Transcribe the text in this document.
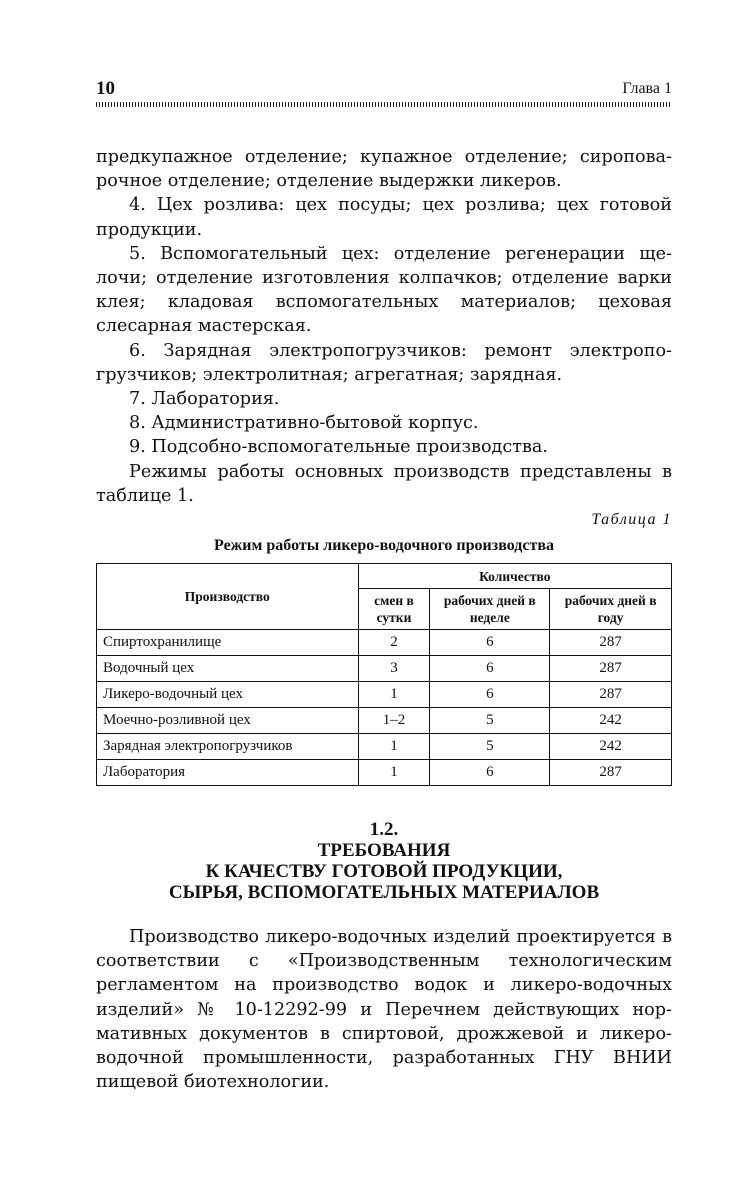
10	Глава 1

предкупажное отделение; купажное отделение; сироповарочное отделение; отделение выдержки ликеров.

4. Цех розлива: цех посуды; цех розлива; цех готовой продукции.

5. Вспомогательный цех: отделение регенерации щелочи; отделение изготовления колпачков; отделение варки клея; кладовая вспомогательных материалов; цеховая слесарная мастерская.

6. Зарядная электропогрузчиков: ремонт электропогрузчиков; электролитная; агрегатная; зарядная.

7. Лаборатория.

8. Административно-бытовой корпус.

9. Подсобно-вспомогательные производства.

Режимы работы основных производств представлены в таблице 1.

Таблица 1
Режим работы ликеро-водочного производства
Производство	Количество		
	смен в сутки	рабочих дней в неделе	рабочих дней в году
Спиртохранилище	2	6	287
Водочный цех	3	6	287
Ликеро-водочный цех	1	6	287
Моечно-розливной цех	1–2	5	242
Зарядная электропогрузчиков	1	5	242
Лаборатория	1	6	287
1.2.
ТРЕБОВАНИЯ
К КАЧЕСТВУ ГОТОВОЙ ПРОДУКЦИИ,
СЫРЬЯ, ВСПОМОГАТЕЛЬНЫХ МАТЕРИАЛОВ

Производство ликеро-водочных изделий проектируется в соответствии с «Производственным технологическим регламентом на производство водок и ликеро-водочных изделий» № 10-12292-99 и Перечнем действующих нормативных документов в спиртовой, дрожжевой и ликероводочной промышленности, разработанных ГНУ ВНИИ пищевой биотехнологии.
